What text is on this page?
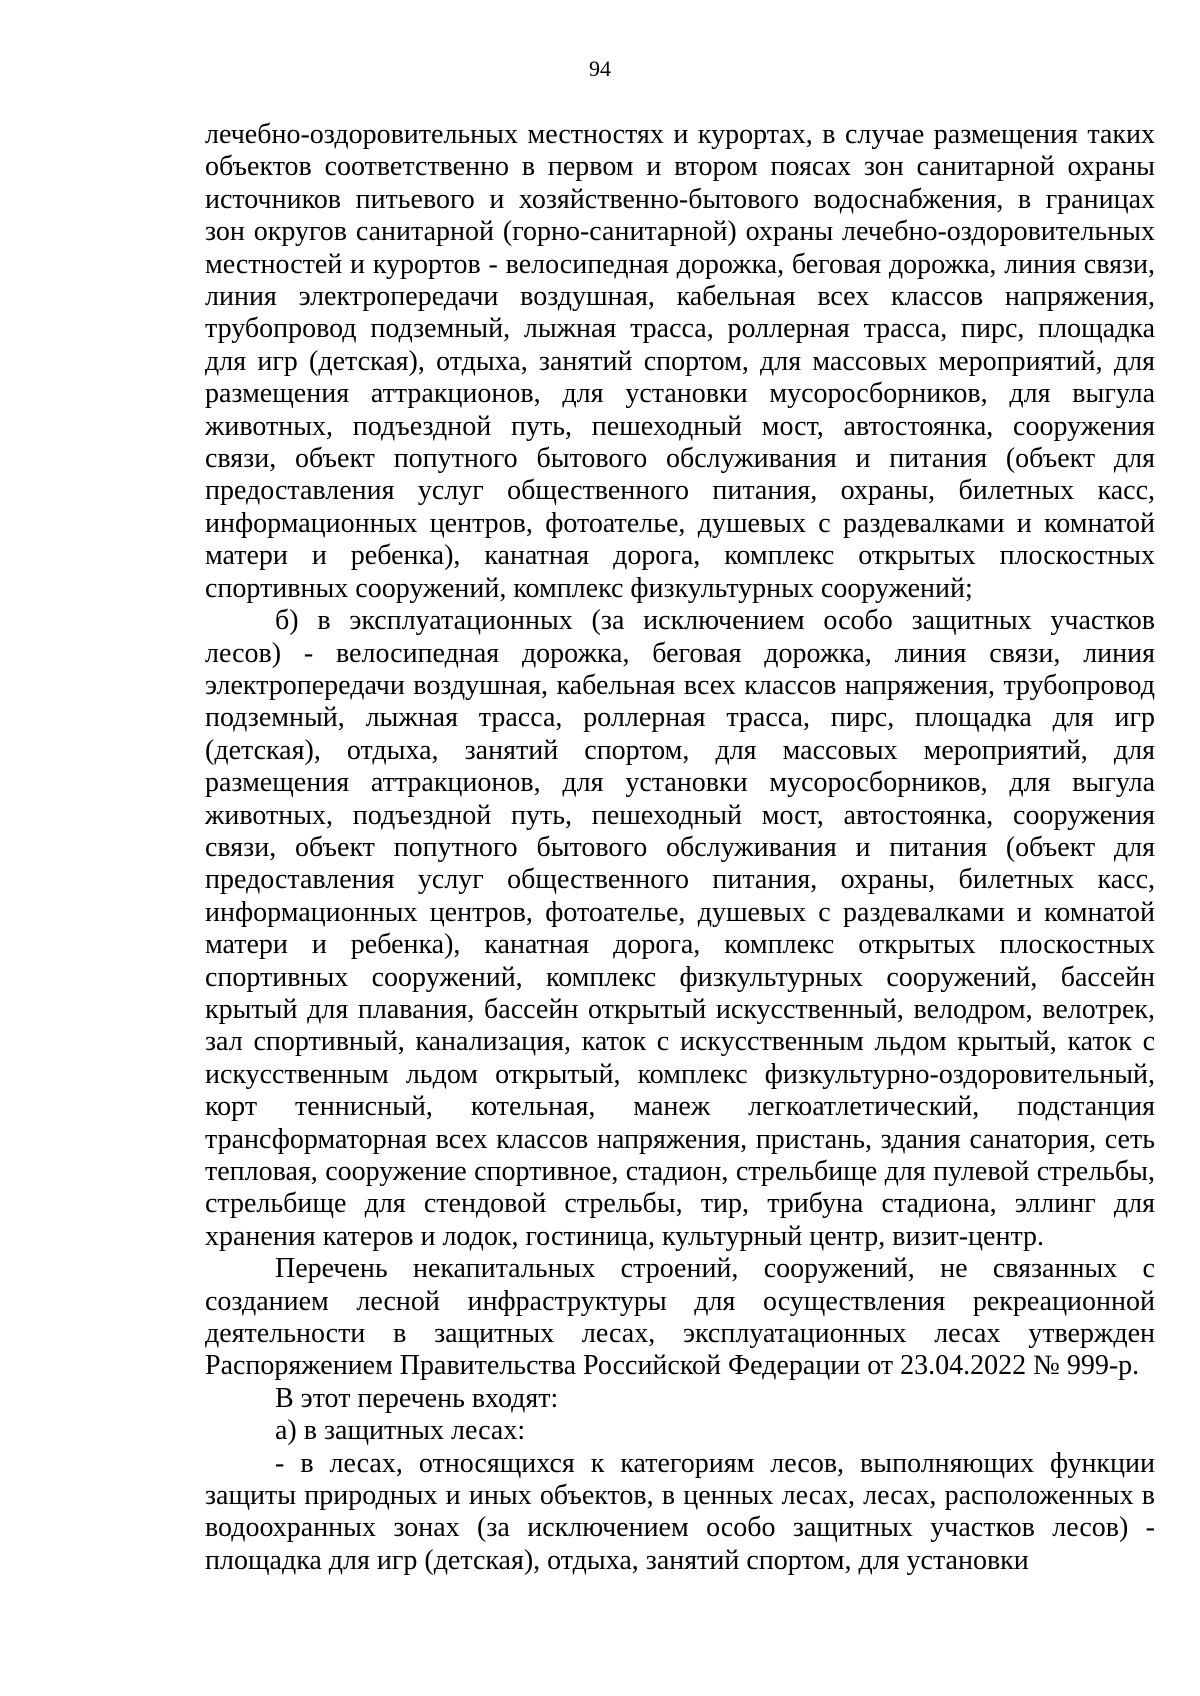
94

лечебно-оздоровительных местностях и курортах, в случае размещения таких объектов соответственно в первом и втором поясах зон санитарной охраны источников питьевого и хозяйственно-бытового водоснабжения, в границах зон округов санитарной (горно-санитарной) охраны лечебно-оздоровительных местностей и курортов - велосипедная дорожка, беговая дорожка, линия связи, линия электропередачи воздушная, кабельная всех классов напряжения, трубопровод подземный, лыжная трасса, роллерная трасса, пирс, площадка для игр (детская), отдыха, занятий спортом, для массовых мероприятий, для размещения аттракционов, для установки мусоросборников, для выгула животных, подъездной путь, пешеходный мост, автостоянка, сооружения связи, объект попутного бытового обслуживания и питания (объект для предоставления услуг общественного питания, охраны, билетных касс, информационных центров, фотоателье, душевых с раздевалками и комнатой матери и ребенка), канатная дорога, комплекс открытых плоскостных спортивных сооружений, комплекс физкультурных сооружений;

б) в эксплуатационных (за исключением особо защитных участков лесов) - велосипедная дорожка, беговая дорожка, линия связи, линия электропередачи воздушная, кабельная всех классов напряжения, трубопровод подземный, лыжная трасса, роллерная трасса, пирс, площадка для игр (детская), отдыха, занятий спортом, для массовых мероприятий, для размещения аттракционов, для установки мусоросборников, для выгула животных, подъездной путь, пешеходный мост, автостоянка, сооружения связи, объект попутного бытового обслуживания и питания (объект для предоставления услуг общественного питания, охраны, билетных касс, информационных центров, фотоателье, душевых с раздевалками и комнатой матери и ребенка), канатная дорога, комплекс открытых плоскостных спортивных сооружений, комплекс физкультурных сооружений, бассейн крытый для плавания, бассейн открытый искусственный, велодром, велотрек, зал спортивный, канализация, каток с искусственным льдом крытый, каток с искусственным льдом открытый, комплекс физкультурно-оздоровительный, корт теннисный, котельная, манеж легкоатлетический, подстанция трансформаторная всех классов напряжения, пристань, здания санатория, сеть тепловая, сооружение спортивное, стадион, стрельбище для пулевой стрельбы, стрельбище для стендовой стрельбы, тир, трибуна стадиона, эллинг для хранения катеров и лодок, гостиница, культурный центр, визит-центр.

Перечень некапитальных строений, сооружений, не связанных с созданием лесной инфраструктуры для осуществления рекреационной деятельности в защитных лесах, эксплуатационных лесах утвержден Распоряжением Правительства Российской Федерации от 23.04.2022 № 999-р.

В этот перечень входят:

а) в защитных лесах:

- в лесах, относящихся к категориям лесов, выполняющих функции защиты природных и иных объектов, в ценных лесах, лесах, расположенных в водоохранных зонах (за исключением особо защитных участков лесов) - площадка для игр (детская), отдыха, занятий спортом, для установки
